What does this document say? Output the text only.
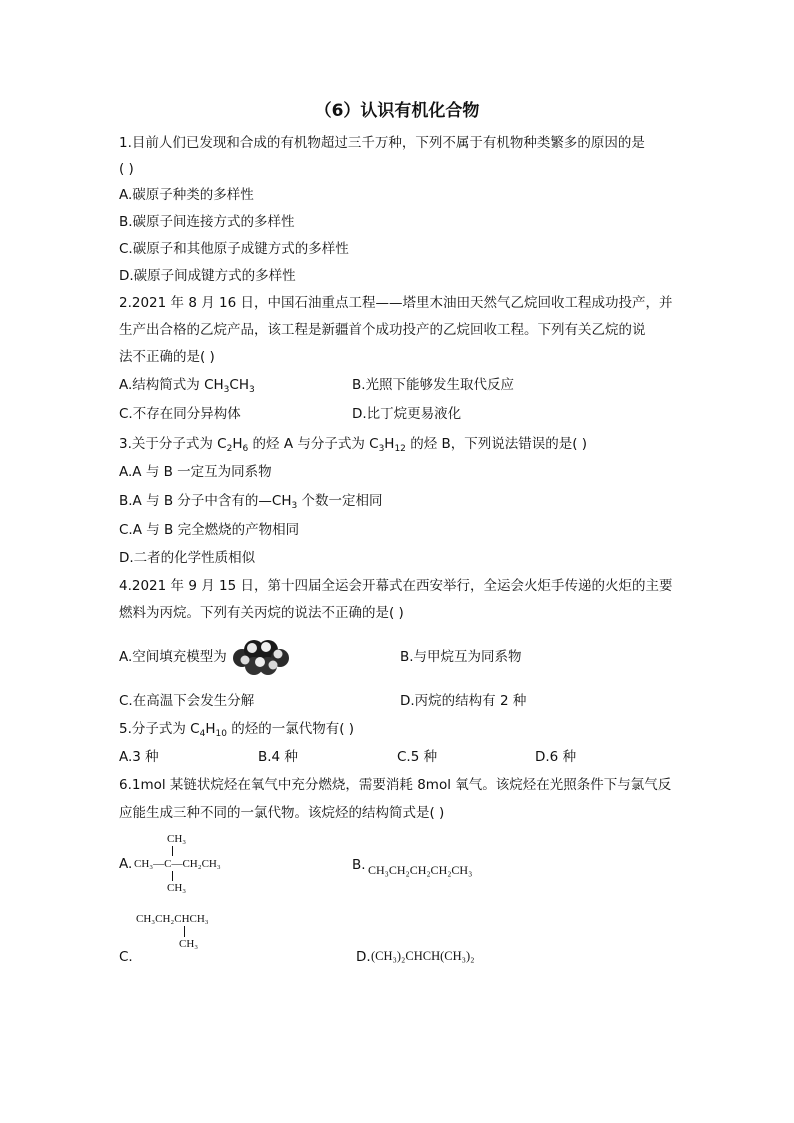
（6）认识有机化合物
1.目前人们已发现和合成的有机物超过三千万种，下列不属于有机物种类繁多的原因的是
( )
A.碳原子种类的多样性
B.碳原子间连接方式的多样性
C.碳原子和其他原子成键方式的多样性
D.碳原子间成键方式的多样性
2.2021 年 8 月 16 日，中国石油重点工程——塔里木油田天然气乙烷回收工程成功投产，并
生产出合格的乙烷产品，该工程是新疆首个成功投产的乙烷回收工程。下列有关乙烷的说
法不正确的是( )
A.结构简式为 $CH_3CH_3$	B.光照下能够发生取代反应
C.不存在同分异构体	D.比丁烷更易液化
3.关于分子式为 $C_2H_6$ 的烃 A 与分子式为 $C_3H_{12}$ 的烃 B，下列说法错误的是( )
A.A 与 B 一定互为同系物
B.A 与 B 分子中含有的$—CH_3$ 个数一定相同
C.A 与 B 完全燃烧的产物相同
D.二者的化学性质相似
4.2021 年 9 月 15 日，第十四届全运会开幕式在西安举行，全运会火炬手传递的火炬的主要
燃料为丙烷。下列有关丙烷的说法不正确的是( )
A.空间填充模型为	B.与甲烷互为同系物
C.在高温下会发生分解	D.丙烷的结构有 2 种
5.分子式为 $C_4H_{10}$ 的烃的一氯代物有( )
A.3 种	B.4 种	C.5 种	D.6 种
6.1mol 某链状烷烃在氧气中充分燃烧，需要消耗 8mol 氧气。该烷烃在光照条件下与氯气反
应能生成三种不同的一氯代物。该烷烃的结构简式是( )
A.
CH₃
CH₃—C—CH₂CH₃
CH₃
B. CH₃CH₂CH₂CH₂CH₃
CH₃CH₂CHCH₃
CH₃
C.	D. (CH₃)₂CHCH(CH₃)₂
